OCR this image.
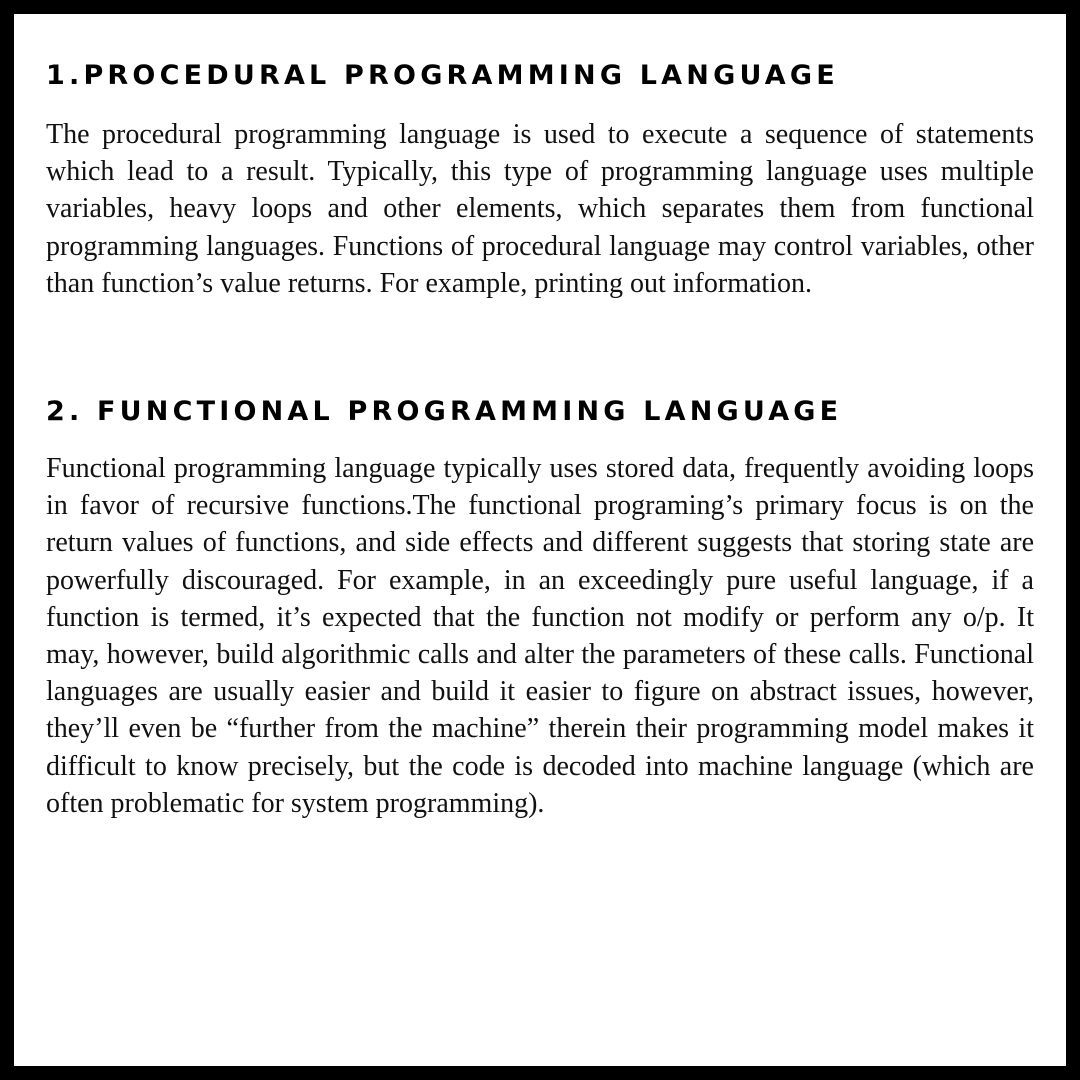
1.PROCEDURAL PROGRAMMING LANGUAGE

The procedural programming language is used to execute a sequence of statements which lead to a result. Typically, this type of programming language uses multiple variables, heavy loops and other elements, which separates them from functional programming languages. Functions of procedural language may control variables, other than function’s value returns. For example, printing out information.

2. FUNCTIONAL PROGRAMMING LANGUAGE

Functional programming language typically uses stored data, frequently avoiding loops in favor of recursive functions.The functional programing’s primary focus is on the return values of functions, and side effects and different suggests that storing state are powerfully discouraged. For example, in an exceedingly pure useful language, if a function is termed, it’s expected that the function not modify or perform any o/p. It may, however, build algorithmic calls and alter the parameters of these calls. Functional languages are usually easier and build it easier to figure on abstract issues, however, they’ll even be “further from the machine” therein their programming model makes it difficult to know precisely, but the code is decoded into machine language (which are often problematic for system programming).
